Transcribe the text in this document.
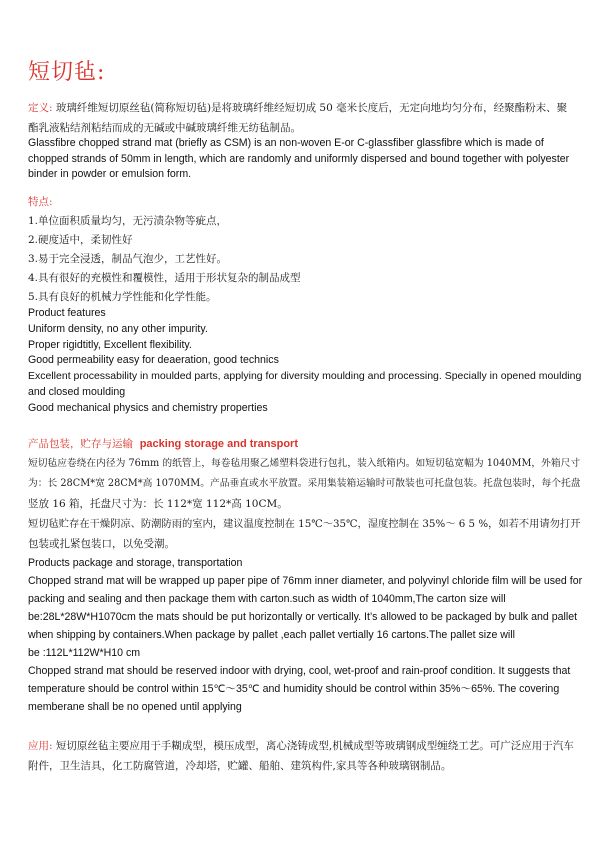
短切毡:
定义: 玻璃纤维短切原丝毡(简称短切毡)是将玻璃纤维经短切成 50 毫米长度后，无定向地均匀分布，经聚酯粉末、聚
酯乳液粘结剂粘结而成的无碱或中碱玻璃纤维无纺毡制品。
Glassfibre chopped strand mat (briefly as CSM) is an non-woven E-or C-glassfiber glassfibre which is made of
chopped strands of 50mm in length, which are randomly and uniformly dispersed and bound together with polyester
binder in powder or emulsion form.
特点:
1.单位面积质量均匀，无污渍杂物等疵点，
2.硬度适中，柔韧性好
3.易于完全浸透，制品气泡少，工艺性好。
4.具有很好的充模性和覆模性，适用于形状复杂的制品成型
5.具有良好的机械力学性能和化学性能。
Product features
Uniform density, no any other impurity.
Proper rigidtitly, Excellent flexibility.
Good permeability easy for deaeration, good technics
Excellent processability in moulded parts, applying for diversity moulding and processing. Specially in opened moulding
and closed moulding
Good mechanical physics and chemistry properties
产品包装，贮存与运输 packing storage and transport
短切毡应卷绕在内径为 76mm 的纸管上，每卷毡用聚乙烯塑料袋进行包扎，装入纸箱内。如短切毡宽幅为 1040MM，外箱尺寸
为：长 28CM*宽 28CM*高 1070MM。产品垂直或水平放置。采用集装箱运输时可散装也可托盘包装。托盘包装时，每个托盘
竖放 16 箱，托盘尺寸为：长 112*宽 112*高 10CM。
短切毡贮存在干燥阴凉、防潮防雨的室内，建议温度控制在 15℃～35℃，湿度控制在 35%～ 6 5 %，如若不用请勿打开
包装或扎紧包装口，以免受潮。
Products package and storage, transportation
Chopped strand mat will be wrapped up paper pipe of 76mm inner diameter, and polyvinyl chloride film will be used for
packing and sealing and then package them with carton.such as width of 1040mm,The carton size will
be:28L*28W*H1070cm the mats should be put horizontally or vertically. It’s allowed to be packaged by bulk and pallet
when shipping by containers.When package by pallet ,each pallet vertially 16 cartons.The pallet size will
be :112L*112W*H10 cm
Chopped strand mat should be reserved indoor with drying, cool, wet-proof and rain-proof condition. It suggests that
temperature should be control within 15℃～35℃ and humidity should be control within 35%～65%. The covering
memberane shall be no opened until applying
应用: 短切原丝毡主要应用于手糊成型，模压成型，离心浇铸成型,机械成型等玻璃钢成型缠绕工艺。可广泛应用于汽车
附件，卫生洁具，化工防腐管道，冷却塔，贮罐、船舶、建筑构件,家具等各种玻璃钢制品。
